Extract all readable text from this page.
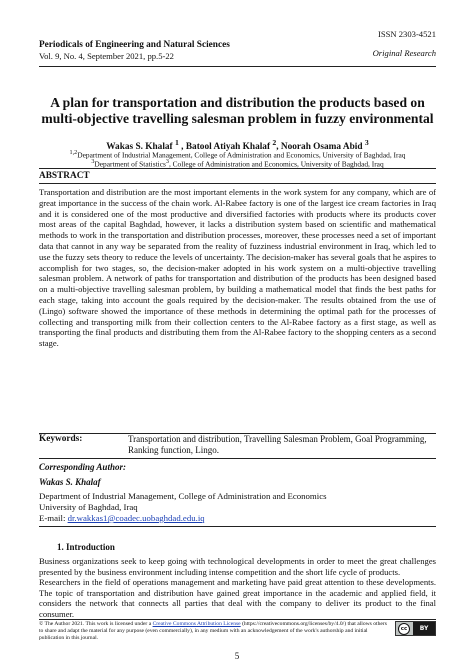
Periodicals of Engineering and Natural Sciences
Vol. 9, No. 4, September 2021, pp.5-22
ISSN 2303-4521
Original Research
A plan for transportation and distribution the products based on multi-objective travelling salesman problem in fuzzy environmental
Wakas S. Khalaf $^1$ , Batool Atiyah Khalaf $^2$, Noorah Osama Abid $^3$
$^{1,2}$Department of Industrial Management, College of Administration and Economics, University of Baghdad, Iraq
$^3$Department of Statistics$^3$, College of Administration and Economics, University of Baghdad, Iraq
ABSTRACT
Transportation and distribution are the most important elements in the work system for any company, which are of great importance in the success of the chain work. Al-Rabee factory is one of the largest ice cream factories in Iraq and it is considered one of the most productive and diversified factories with products where its products cover most areas of the capital Baghdad, however, it lacks a distribution system based on scientific and mathematical methods to work in the transportation and distribution processes, moreover, these processes need a set of important data that cannot in any way be separated from the reality of fuzziness industrial environment in Iraq, which led to use the fuzzy sets theory to reduce the levels of uncertainty. The decision-maker has several goals that he aspires to accomplish for two stages, so, the decision-maker adopted in his work system on a multi-objective travelling salesman problem. A network of paths for transportation and distribution of the products has been designed based on a multi-objective travelling salesman problem, by building a mathematical model that finds the best paths for each stage, taking into account the goals required by the decision-maker. The results obtained from the use of (Lingo) software showed the importance of these methods in determining the optimal path for the processes of collecting and transporting milk from their collection centers to the Al-Rabee factory as a first stage, as well as transporting the final products and distributing them from the Al-Rabee factory to the shopping centers as a second stage.
Keywords:	Transportation and distribution, Travelling Salesman Problem, Goal Programming, Ranking function, Lingo.
Corresponding Author:
Wakas S. Khalaf
Department of Industrial Management, College of Administration and Economics
University of Baghdad, Iraq
E-mail: dr.wakkas1@coadec.uobaghdad.edu.iq
1. Introduction

Business organizations seek to keep going with technological developments in order to meet the great challenges presented by the business environment including intense competition and the short life cycle of products.

Researchers in the field of operations management and marketing have paid great attention to these developments. The topic of transportation and distribution have gained great importance in the academic and applied field, it considers the network that connects all parties that deal with the company to deliver its product to the final consumer.

© The Author 2021. This work is licensed under a Creative Commons Attribution License (https://creativecommons.org/licenses/by/4.0/) that allows others to share and adapt the material for any purpose (even commercially), in any medium with an acknowledgement of the work's authorship and initial publication in this journal.
cc	BY
5
